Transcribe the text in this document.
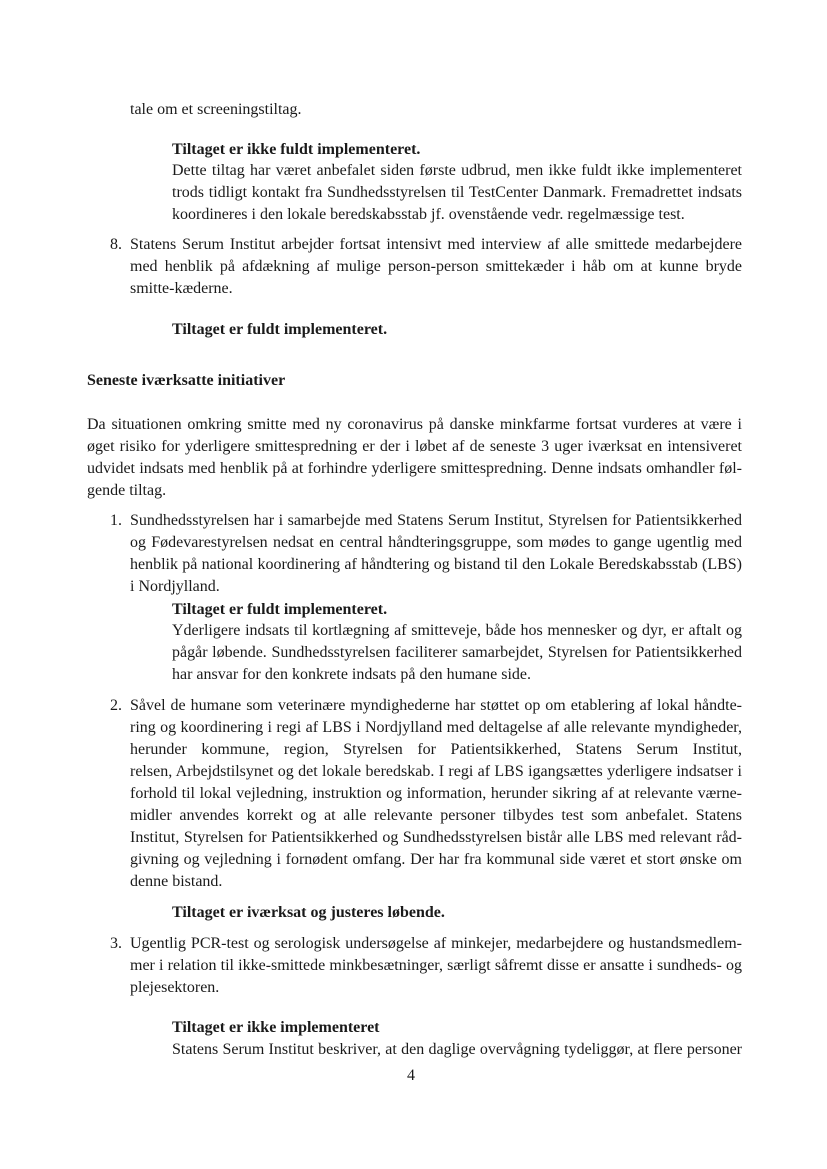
tale om et screeningstiltag.
Tiltaget er ikke fuldt implementeret.
Dette tiltag har været anbefalet siden første udbrud, men ikke fuldt ikke implementeret
trods tidligt kontakt fra Sundhedsstyrelsen til TestCenter Danmark. Fremadrettet indsats
koordineres i den lokale beredskabsstab jf. ovenstående vedr. regelmæssige test.
8. Statens Serum Institut arbejder fortsat intensivt med interview af alle smittede medarbejdere
med henblik på afdækning af mulige person-person smittekæder i håb om at kunne bryde
smitte-kæderne.
Tiltaget er fuldt implementeret.
Seneste iværksatte initiativer
Da situationen omkring smitte med ny coronavirus på danske minkfarme fortsat vurderes at være i
øget risiko for yderligere smittespredning er der i løbet af de seneste 3 uger iværksat en intensiveret
udvidet indsats med henblik på at forhindre yderligere smittespredning. Denne indsats omhandler føl-
gende tiltag.
1. Sundhedsstyrelsen har i samarbejde med Statens Serum Institut, Styrelsen for Patientsikkerhed
og Fødevarestyrelsen nedsat en central håndteringsgruppe, som mødes to gange ugentlig med
henblik på national koordinering af håndtering og bistand til den Lokale Beredskabsstab (LBS)
i Nordjylland.
Tiltaget er fuldt implementeret.
Yderligere indsats til kortlægning af smitteveje, både hos mennesker og dyr, er aftalt og
pågår løbende. Sundhedsstyrelsen faciliterer samarbejdet, Styrelsen for Patientsikkerhed
har ansvar for den konkrete indsats på den humane side.
2. Såvel de humane som veterinære myndighederne har støttet op om etablering af lokal håndte-
ring og koordinering i regi af LBS i Nordjylland med deltagelse af alle relevante myndigheder,
herunder kommune, region, Styrelsen for Patientsikkerhed, Statens Serum Institut,
relsen, Arbejdstilsynet og det lokale beredskab. I regi af LBS igangsættes yderligere indsatser i
forhold til lokal vejledning, instruktion og information, herunder sikring af at relevante værne-
midler anvendes korrekt og at alle relevante personer tilbydes test som anbefalet. Statens
Institut, Styrelsen for Patientsikkerhed og Sundhedsstyrelsen bistår alle LBS med relevant råd-
givning og vejledning i fornødent omfang. Der har fra kommunal side været et stort ønske om
denne bistand.
Tiltaget er iværksat og justeres løbende.
3. Ugentlig PCR-test og serologisk undersøgelse af minkejer, medarbejdere og hustandsmedlem-
mer i relation til ikke-smittede minkbesætninger, særligt såfremt disse er ansatte i sundheds- og
plejesektoren.
Tiltaget er ikke implementeret
Statens Serum Institut beskriver, at den daglige overvågning tydeliggør, at flere personer
4
